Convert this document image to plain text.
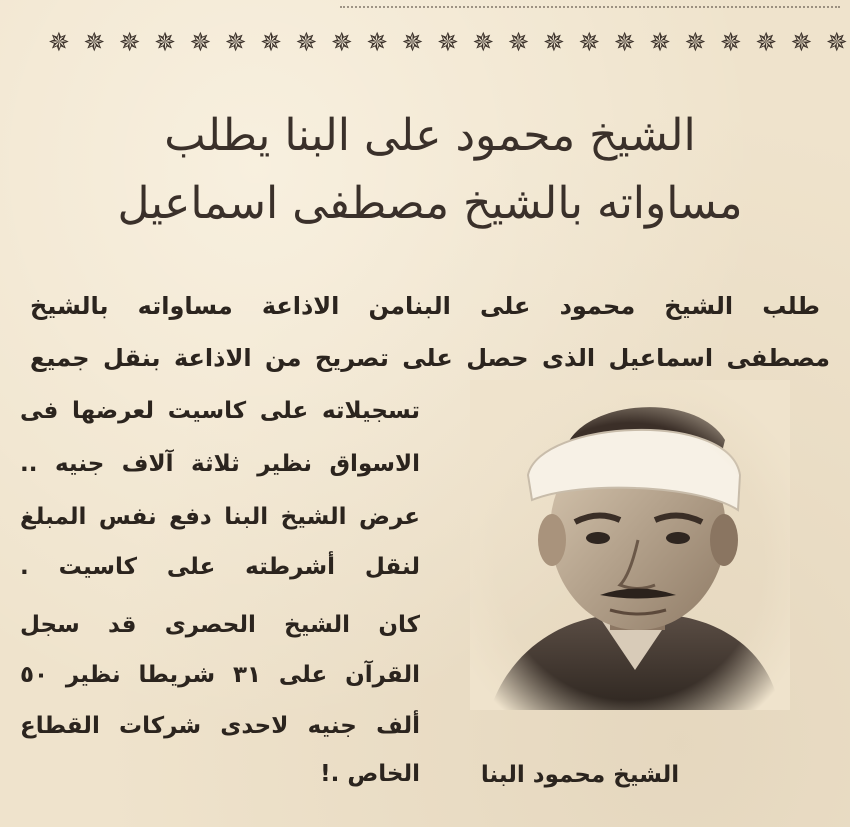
✵ ✵ ✵ ✵ ✵ ✵ ✵ ✵ ✵ ✵ ✵ ✵ ✵ ✵ ✵ ✵ ✵ ✵ ✵ ✵ ✵ ✵ ✵
الشيخ محمود على البنا يطلب
مساواته بالشيخ مصطفى اسماعيل

طلب الشيخ محمود على البنامن الاذاعة مساواته بالشيخ

مصطفى اسماعيل الذى حصل على تصريح من الاذاعة بنقل جميع

تسجيلاته على كاسيت لعرضها فى

الاسواق نظير ثلاثة آلاف جنيه ..

عرض الشيخ البنا دفع نفس المبلغ

لنقل أشرطته على كاسيت .

كان الشيخ الحصرى قد سجل

القرآن على ٣١ شريطا نظير ٥٠

ألف جنيه لاحدى شركات القطاع

الخاص .!	الشيخ محمود البنا
